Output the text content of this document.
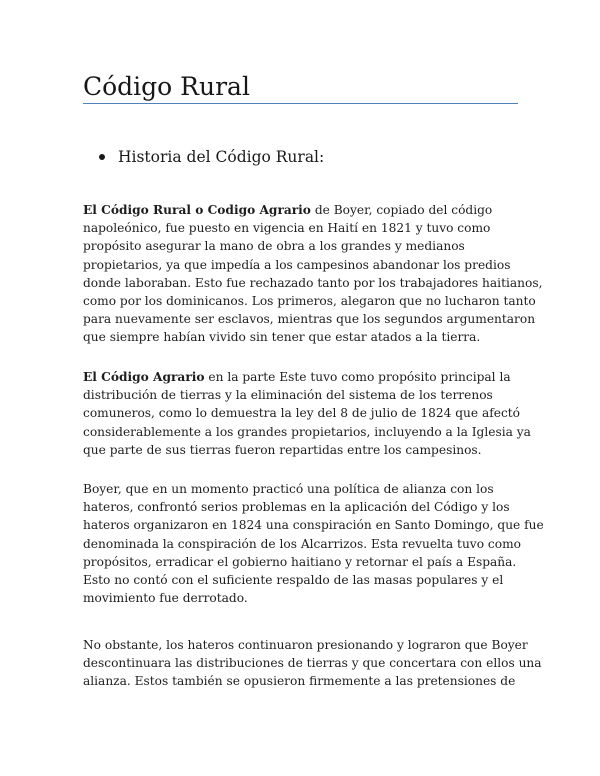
Código Rural
Historia del Código Rural:
El Código Rural o Codigo Agrario de Boyer, copiado del código
napoleónico, fue puesto en vigencia en Haití en 1821 y tuvo como
propósito asegurar la mano de obra a los grandes y medianos
propietarios, ya que impedía a los campesinos abandonar los predios
donde laboraban. Esto fue rechazado tanto por los trabajadores haitianos,
como por los dominicanos. Los primeros, alegaron que no lucharon tanto
para nuevamente ser esclavos, mientras que los segundos argumentaron
que siempre habían vivido sin tener que estar atados a la tierra.
El Código Agrario en la parte Este tuvo como propósito principal la
distribución de tierras y la eliminación del sistema de los terrenos
comuneros, como lo demuestra la ley del 8 de julio de 1824 que afectó
considerablemente a los grandes propietarios, incluyendo a la Iglesia ya
que parte de sus tierras fueron repartidas entre los campesinos.
Boyer, que en un momento practicó una política de alianza con los
hateros, confrontó serios problemas en la aplicación del Código y los
hateros organizaron en 1824 una conspiración en Santo Domingo, que fue
denominada la conspiración de los Alcarrizos. Esta revuelta tuvo como
propósitos, erradicar el gobierno haitiano y retornar el país a España.
Esto no contó con el suficiente respaldo de las masas populares y el
movimiento fue derrotado.
No obstante, los hateros continuaron presionando y lograron que Boyer
descontinuara las distribuciones de tierras y que concertara con ellos una
alianza. Estos también se opusieron firmemente a las pretensiones de
